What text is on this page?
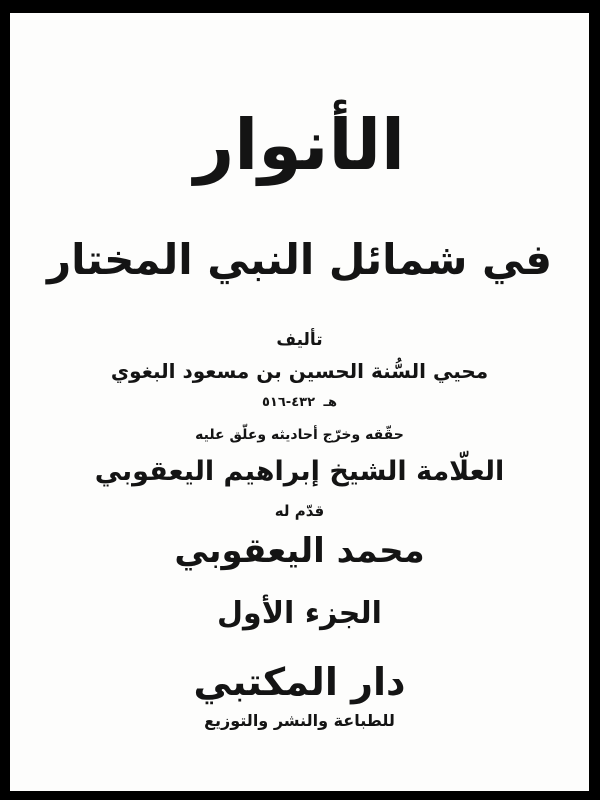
الأنوار
في شمائل النبي المختار
تأليف
محيي السُّنة الحسين بن مسعود البغوي
هـ ٤٣٢-٥١٦
حقّقه وخرّج أحاديثه وعلّق عليه
العلّامة الشيخ إبراهيم اليعقوبي
قدّم له
محمد اليعقوبي
الجزء الأول
دار المكتبي
للطباعة والنشر والتوزيع
